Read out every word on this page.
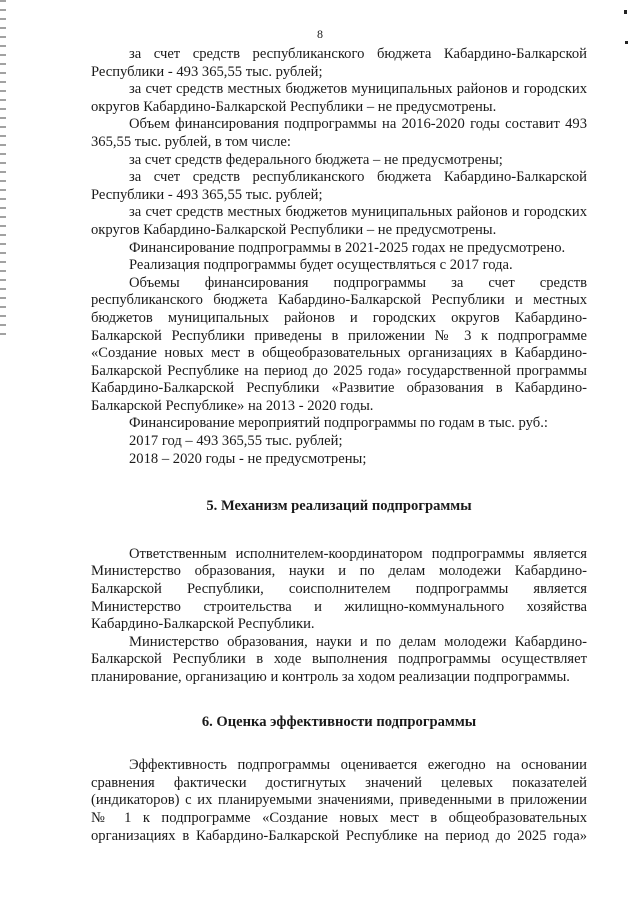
8

за счет средств республиканского бюджета Кабардино-Балкарской Республики - 493 365,55 тыс. рублей;

за счет средств местных бюджетов муниципальных районов и городских округов Кабардино-Балкарской Республики – не предусмотрены.

Объем финансирования подпрограммы на 2016-2020 годы составит 493 365,55 тыс. рублей, в том числе:

за счет средств федерального бюджета – не предусмотрены;

за счет средств республиканского бюджета Кабардино-Балкарской Республики - 493 365,55 тыс. рублей;

за счет средств местных бюджетов муниципальных районов и городских округов Кабардино-Балкарской Республики – не предусмотрены.

Финансирование подпрограммы в 2021-2025 годах не предусмотрено.

Реализация подпрограммы будет осуществляться с 2017 года.

Объемы финансирования подпрограммы за счет средств республиканского бюджета Кабардино-Балкарской Республики и местных бюджетов муниципальных районов и городских округов Кабардино-Балкарской Республики приведены в приложении № 3 к подпрограмме «Создание новых мест в общеобразовательных организациях в Кабардино-Балкарской Республике на период до 2025 года» государственной программы Кабардино-Балкарской Республики «Развитие образования в Кабардино-Балкарской Республике» на 2013 - 2020 годы.

Финансирование мероприятий подпрограммы по годам в тыс. руб.:

2017 год – 493 365,55 тыс. рублей;

2018 – 2020 годы - не предусмотрены;

5. Механизм реализаций подпрограммы

Ответственным исполнителем-координатором подпрограммы является Министерство образования, науки и по делам молодежи Кабардино-Балкарской Республики, соисполнителем подпрограммы является Министерство строительства и жилищно-коммунального хозяйства Кабардино-Балкарской Республики.

Министерство образования, науки и по делам молодежи Кабардино-Балкарской Республики в ходе выполнения подпрограммы осуществляет планирование, организацию и контроль за ходом реализации подпрограммы.

6. Оценка эффективности подпрограммы

Эффективность подпрограммы оценивается ежегодно на основании сравнения фактически достигнутых значений целевых показателей (индикаторов) с их планируемыми значениями, приведенными в приложении № 1 к подпрограмме «Создание новых мест в общеобразовательных организациях в Кабардино-Балкарской Республике на период до 2025 года»
